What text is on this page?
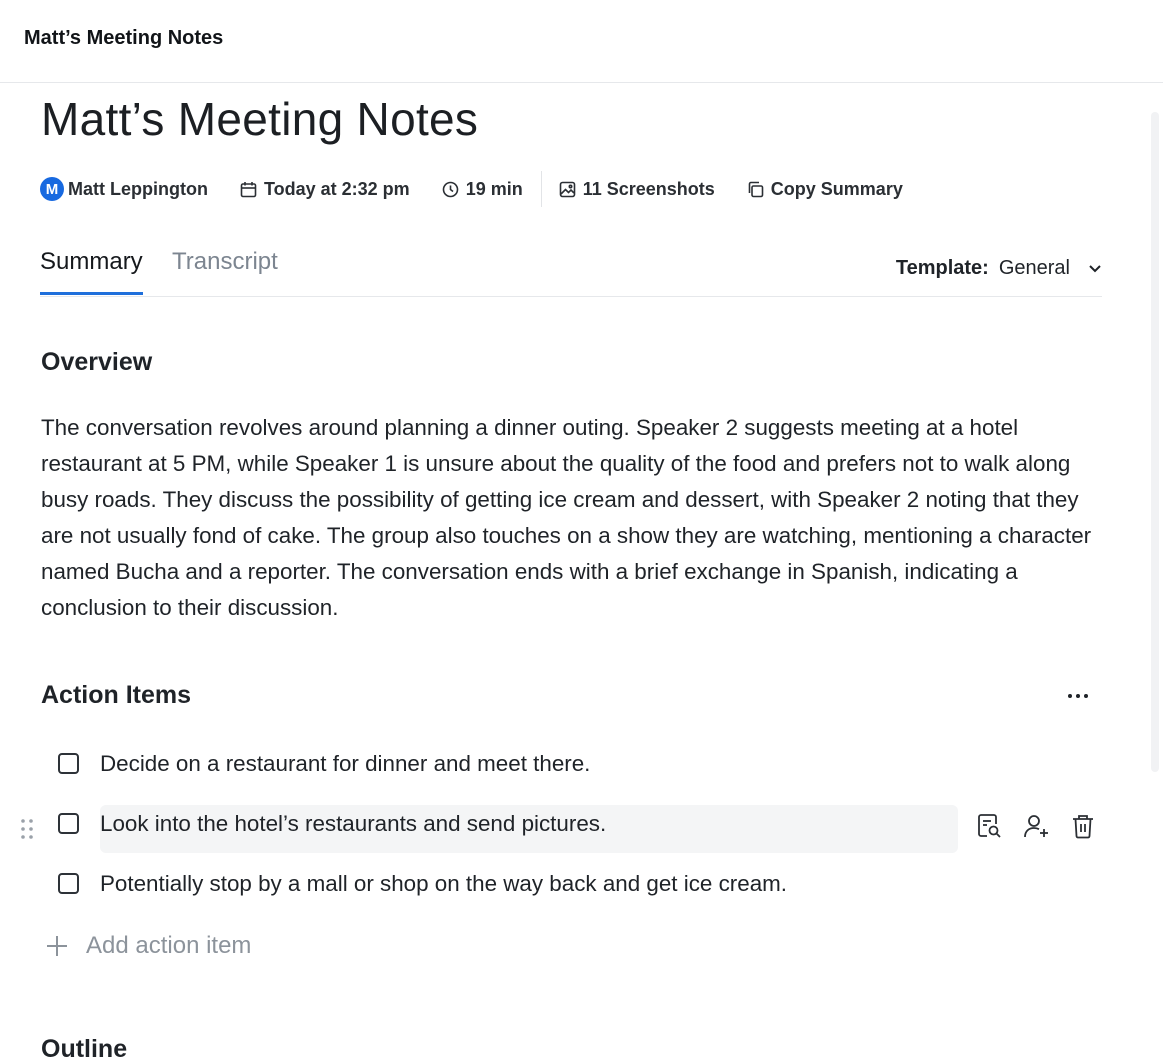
Matt’s Meeting Notes
Matt’s Meeting Notes
M Matt Leppington	Today at 2:32 pm	19 min	11 Screenshots	Copy Summary
Summary Transcript	Template: General
Overview
The conversation revolves around planning a dinner outing. Speaker 2 suggests meeting at a hotel restaurant at 5 PM, while Speaker 1 is unsure about the quality of the food and prefers not to walk along busy roads. They discuss the possibility of getting ice cream and dessert, with Speaker 2 noting that they are not usually fond of cake. The group also touches on a show they are watching, mentioning a character named Bucha and a reporter. The conversation ends with a brief exchange in Spanish, indicating a conclusion to their discussion.
Action Items
Decide on a restaurant for dinner and meet there.
Look into the hotel’s restaurants and send pictures.
Potentially stop by a mall or shop on the way back and get ice cream.
Add action item
Outline
